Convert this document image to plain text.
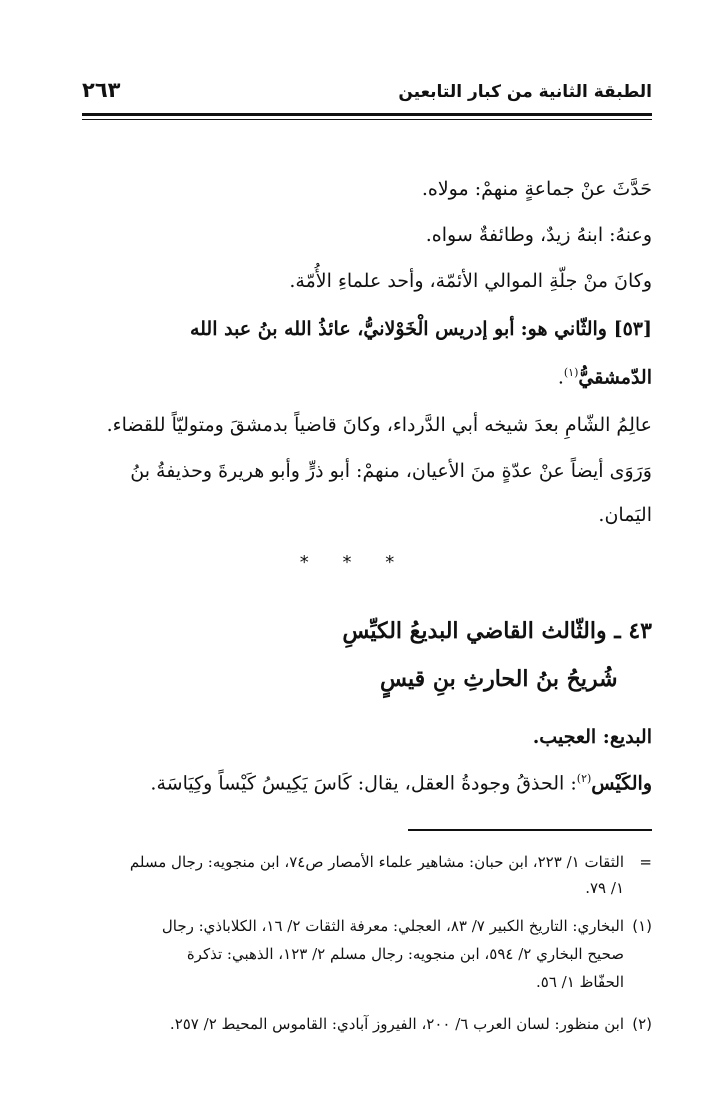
الطبقة الثانية من كبار التابعين
٢٦٣
حَدَّثَ عنْ جماعةٍ منهمْ: مولاه.
وعنهُ: ابنهُ زيدٌ، وطائفةٌ سواه.
وكانَ منْ جلّةِ الموالي الأئمّة، وأحد علماءِ الأُمّة.
[٥٣] والثّاني هو: أبو إدريس الْخَوْلانيُّ، عائذُ الله بنُ عبد الله
الدّمشقيُّ$^{(١)}$.
عالِمُ الشّامِ بعدَ شيخه أبي الدَّرداء، وكانَ قاضياً بدمشقَ ومتوليّاً للقضاء.
وَرَوَى أيضاً عنْ عدّةٍ منَ الأعيان، منهمْ: أبو ذرٍّ وأبو هريرةَ وحذيفةُ بنُ
اليَمان.
* * *
٤٣ ـ والثّالث القاضي البديعُ الكيِّسِ
شُريحُ بنُ الحارثِ بنِ قيسٍ
البديع: العجيب.
والكَيْس$^{(٢)}$: الحذقُ وجودةُ العقل، يقال: كَاسَ يَكِيسُ كَيْساً وكِيَاسَة.
=الثقات ١/ ٢٢٣، ابن حبان: مشاهير علماء الأمصار ص٧٤، ابن منجويه: رجال مسلم
١/ ٧٩.
(١)البخاري: التاريخ الكبير ٧/ ٨٣، العجلي: معرفة الثقات ٢/ ١٦، الكلاباذي: رجال
صحيح البخاري ٢/ ٥٩٤، ابن منجويه: رجال مسلم ٢/ ١٢٣، الذهبي: تذكرة
الحفّاظ ١/ ٥٦.
(٢)ابن منظور: لسان العرب ٦/ ٢٠٠، الفيروز آبادي: القاموس المحيط ٢/ ٢٥٧.
